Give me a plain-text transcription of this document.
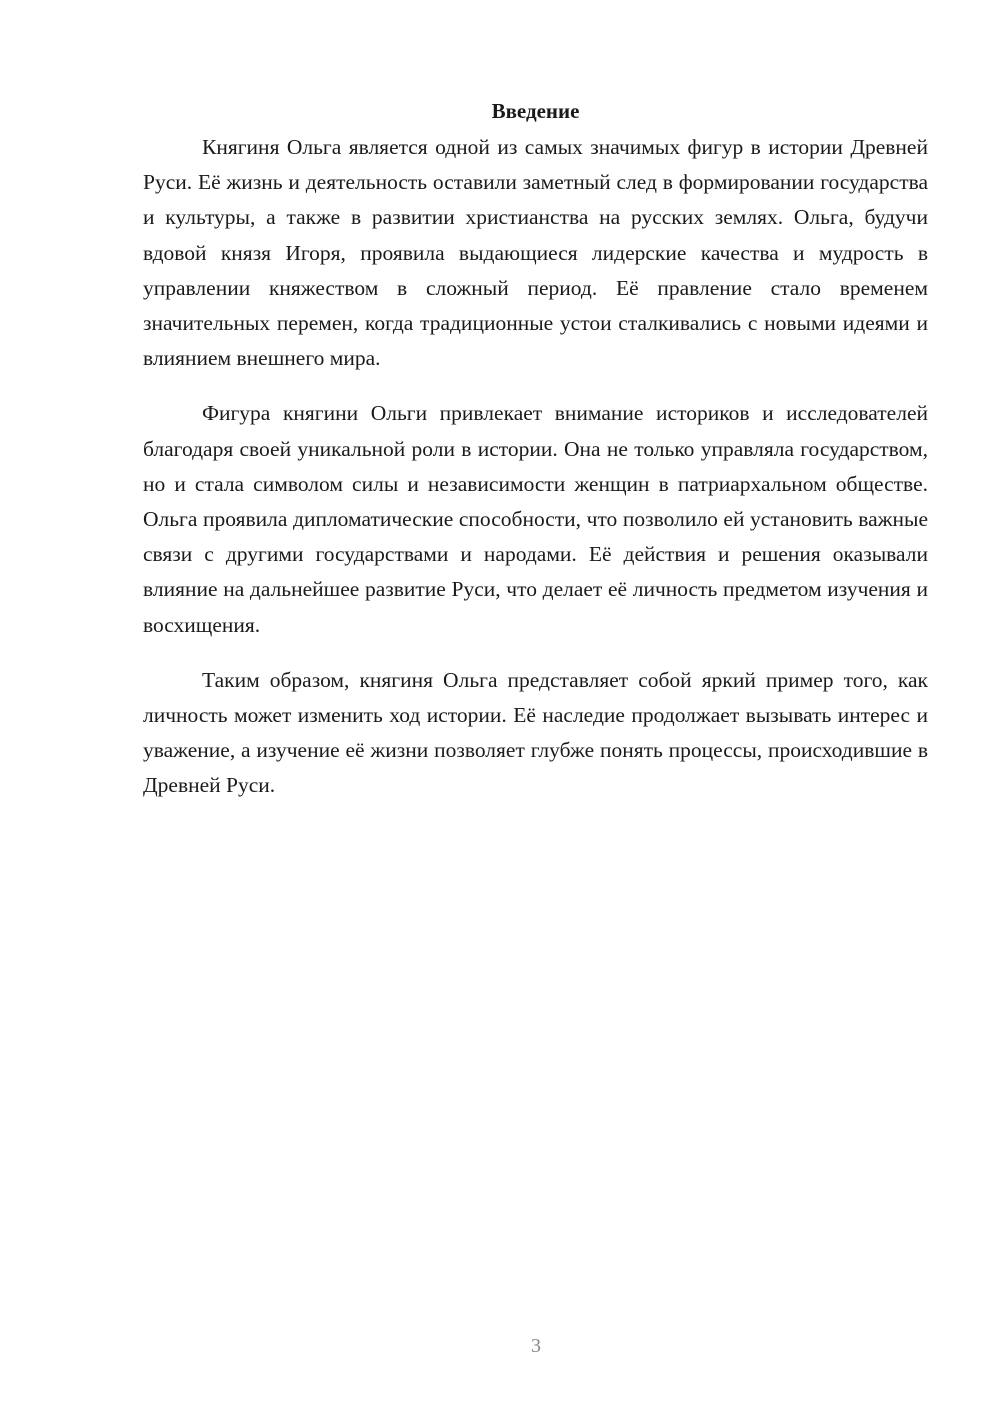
Введение

Княгиня Ольга является одной из самых значимых фигур в истории Древней Руси. Её жизнь и деятельность оставили заметный след в формировании государства и культуры, а также в развитии христианства на русских землях. Ольга, будучи вдовой князя Игоря, проявила выдающиеся лидерские качества и мудрость в управлении княжеством в сложный период. Её правление стало временем значительных перемен, когда традиционные устои сталкивались с новыми идеями и влиянием внешнего мира.

Фигура княгини Ольги привлекает внимание историков и исследователей благодаря своей уникальной роли в истории. Она не только управляла государством, но и стала символом силы и независимости женщин в патриархальном обществе. Ольга проявила дипломатические способности, что позволило ей установить важные связи с другими государствами и народами. Её действия и решения оказывали влияние на дальнейшее развитие Руси, что делает её личность предметом изучения и восхищения.

Таким образом, княгиня Ольга представляет собой яркий пример того, как личность может изменить ход истории. Её наследие продолжает вызывать интерес и уважение, а изучение её жизни позволяет глубже понять процессы, происходившие в Древней Руси.

3
